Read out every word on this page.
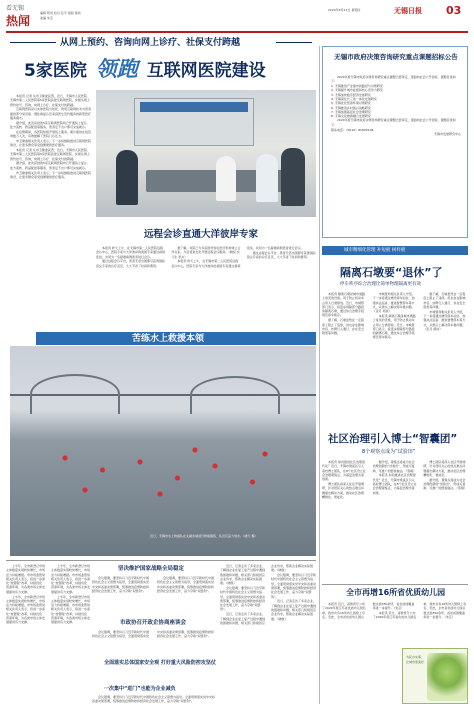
看无锡
热闻
编辑 陈悦 校对 张平 组版 蒋鸿
美编 朱芸
2020年8月27日 星期四	无锡日报 03
从网上预约、咨询向网上诊疗、社保支付跨越
5家医院 领跑 互联网医院建设

本报讯 记者 从市卫健委获悉，近日，无锡市人民医院、无锡市第二人民医院等5家医院获批互联网医院，实现从网上预约挂号、咨询，向网上诊疗、社保支付的跨越。

互联网医院是以实体医院为依托，利用互联网技术为患者提供部分常见病、慢性病复诊及家庭医生签约服务的新型医疗服务模式。

据介绍，此次获批的5家互联网医院均已开通线上复诊、处方流转、药品配送等服务，患者足不出户即可完成就诊。

在疫情期间，各医院积极开展线上服务，累计提供在线咨询数万人次，有效缓解了医院门诊压力。

市卫健委相关负责人表示，下一步将继续推进互联网医院建设，让更多群众享受到便捷的医疗服务。

本报讯 记者 从市卫健委获悉，近日，无锡市人民医院、无锡市第二人民医院等5家医院获批互联网医院，实现从网上预约挂号、咨询，向网上诊疗、社保支付的跨越。

据介绍，此次获批的5家互联网医院均已开通线上复诊、处方流转、药品配送等服务，患者足不出户即可完成就诊。

市卫健委相关负责人表示，下一步将继续推进互联网医院建设，让更多群众享受到便捷的医疗服务。

远程会诊直通大洋彼岸专家

本报讯 昨天上午，在无锡市第二人民医院远程会诊中心，医院专家与大洋彼岸的美国专家通过视频连线，共同为一名疑难病例患者进行会诊。

通过远程会诊平台，患者无需出国即可获得国际顶尖专家的诊疗意见，大大节省了时间和费用。

据了解，该院已与多家国外知名医疗机构建立合作关系，今后将常态化开展远程会诊服务。（晓恒 实习生 李卉）

本报讯 昨天上午，在无锡市第二人民医院远程会诊中心，医院专家与大洋彼岸的美国专家通过视频连线，共同为一名疑难病例患者进行会诊。

通过远程会诊平台，患者无需出国即可获得国际顶尖专家的诊疗意见，大大节省了时间和费用。

无锡市政府决策咨询研究重点课题招标公告

2020年度无锡市政府决策咨询研究重点课题已经审定，现面向社会公开招标，课题目录如下：

1. 无锡推进产业强市的路径与对策研究
2. 无锡提升城市能级和核心竞争力研究
3. 无锡加快数字经济发展研究
4. 无锡深化长三角一体化发展研究
5. 无锡优化营商环境对策研究
6. 无锡推进乡村振兴战略研究
7. 无锡加强基层社会治理研究
8. 无锡文化旅游融合发展研究

2020年度无锡市政府决策咨询研究重点课题已经审定，现面向社会公开招标，课题目录如下：

联系电话：（0510）81820108
无锡市发展研究中心
城市精细化管理 补短板 树样板
隔离石墩要“退休”了
停车秩序综合治理比简单物理隔离更有效

本报讯 隔离石墩是城市道路上常见的设施，用于防止机动车占用人行道停放。近日，市城管部门表示，将逐步拆除部分路段的隔离石墩，通过综合治理手段规范停车秩序。

据了解，石墩虽然在一定程度上阻止了违停，但也存在影响市容、妨碍行人通行、存在安全隐患等问题。

市城管局相关负责人介绍，下一步将通过增设停车泊位、加强执法巡查、推进智慧停车等方式，从源头上解决停车难问题。（张月 胡岚）

本报讯 隔离石墩是城市道路上常见的设施，用于防止机动车占用人行道停放。近日，市城管部门表示，将逐步拆除部分路段的隔离石墩，通过综合治理手段规范停车秩序。

据了解，石墩虽然在一定程度上阻止了违停，但也存在影响市容、妨碍行人通行、存在安全隐患等问题。

市城管局相关负责人介绍，下一步将通过增设停车泊位、加强执法巡查、推进智慧停车等方式，从源头上解决停车难问题。（张月 胡岚）

苦练水上救援本领
近日，无锡市水上救援队在太湖水域进行救援演练，队员们奋力划水。（晓天 摄）
社区治理引入博士“智囊团”
8个观察点成为“试验田”

本报讯 如何推进社区治理现代化？近日，无锡市梁溪区引入高校博士团队，在8个社区设立社会治理观察点，为基层治理出谋划策。

博士团队将深入社区开展调研，针对居民关心的热点难点问题提出解决方案，推动社区治理精细化、智能化。

据介绍，观察点将成为社会治理创新的“试验田”，形成可复制、可推广的经验做法。（蔡炯）

本报讯 如何推进社区治理现代化？近日，无锡市梁溪区引入高校博士团队，在8个社区设立社会治理观察点，为基层治理出谋划策。

博士团队将深入社区开展调研，针对居民关心的热点难点问题提出解决方案，推动社区治理精细化、智能化。

据介绍，观察点将成为社会治理创新的“试验田”，形成可复制、可推广的经验做法。（蔡炯）

全市再增16所省优质幼儿园

本报讯 近日，省教育厅公布了2020年度江苏省优质幼儿园名单，我市共有16所幼儿园榜上有名。至此，全市省优质幼儿园总数达到350余所，省优质园覆盖率进一步提升。（朱芸）

本报讯 近日，省教育厅公布了2020年度江苏省优质幼儿园名单，我市共有16所幼儿园榜上有名。至此，全市省优质幼儿园总数达到350余所，省优质园覆盖率进一步提升。（朱芸）

为民办实事，让城市更美好

上半年，全市新登记市场主体数量实现较快增长，市场活力持续增强。市市场监管局相关负责人表示，将进一步深化“放管服”改革，持续优化营商环境，为各类市场主体发展提供有力支撑。

上半年，全市新登记市场主体数量实现较快增长，市场活力持续增强。市市场监管局相关负责人表示，将进一步深化“放管服”改革，持续优化营商环境，为各类市场主体发展提供有力支撑。

上半年，全市新登记市场主体数量实现较快增长，市场活力持续增强。市市场监管局相关负责人表示，将进一步深化“放管服”改革，持续优化营商环境，为各类市场主体发展提供有力支撑。

上半年，全市新登记市场主体数量实现较快增长，市场活力持续增强。市市场监管局相关负责人表示，将进一步深化“放管服”改革，持续优化营商环境，为各类市场主体发展提供有力支撑。

坚决维护国家战略全局稳定

会议强调，要坚持以习近平新时代中国特色社会主义思想为指导，全面贯彻落实党中央和省委决策部署，统筹推进疫情防控和经济社会发展工作，奋力夺取“双胜利”。

会议强调，要坚持以习近平新时代中国特色社会主义思想为指导，全面贯彻落实党中央和省委决策部署，统筹推进疫情防控和经济社会发展工作，奋力夺取“双胜利”。

市政协召开政企协商座谈会

会议强调，要坚持以习近平新时代中国特色社会主义思想为指导，全面贯彻落实党中央和省委决策部署，统筹推进疫情防控和经济社会发展工作，奋力夺取“双胜利”。

全面落实总体国家安全观 打好重大风险防控攻坚仗
一次集中“进门”也能为企业减负

会议强调，要坚持以习近平新时代中国特色社会主义思想为指导，全面贯彻落实党中央和省委决策部署，统筹推进疫情防控和经济社会发展工作，奋力夺取“双胜利”。

近日，记者走访了多家企业，了解到企业在复工复产过程中遇到的困难和问题，相关部门积极回应企业诉求，帮助企业解决实际困难。（晓航）

会议强调，要坚持以习近平新时代中国特色社会主义思想为指导，全面贯彻落实党中央和省委决策部署，统筹推进疫情防控和经济社会发展工作，奋力夺取“双胜利”。

近日，记者走访了多家企业，了解到企业在复工复产过程中遇到的困难和问题，相关部门积极回应企业诉求，帮助企业解决实际困难。（晓航）

会议强调，要坚持以习近平新时代中国特色社会主义思想为指导，全面贯彻落实党中央和省委决策部署，统筹推进疫情防控和经济社会发展工作，奋力夺取“双胜利”。

近日，记者走访了多家企业，了解到企业在复工复产过程中遇到的困难和问题，相关部门积极回应企业诉求，帮助企业解决实际困难。（晓航）
